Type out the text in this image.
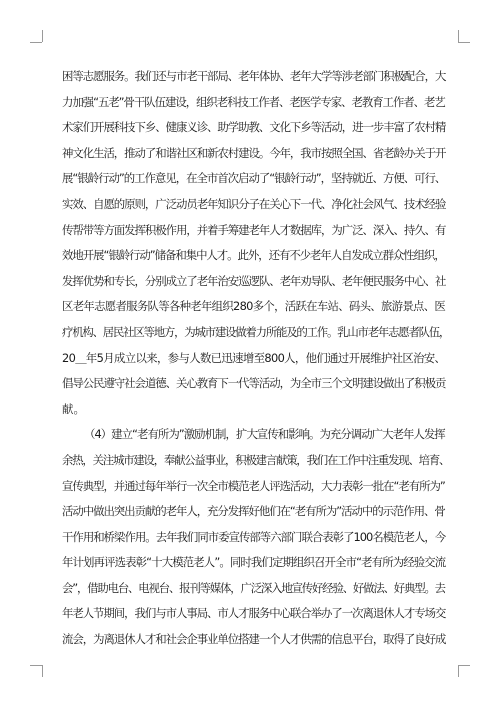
困等志愿服务。我们还与市老干部局、老年体协、老年大学等涉老部门积极配合，大
力加强“五老”骨干队伍建设，组织老科技工作者、老医学专家、老教育工作者、老艺
术家们开展科技下乡、健康义诊、助学助教、文化下乡等活动，进一步丰富了农村精
神文化生活，推动了和谐社区和新农村建设。今年，我市按照全国、省老龄办关于开
展“银龄行动”的工作意见，在全市首次启动了“银龄行动”，坚持就近、方便、可行、
实效、自愿的原则，广泛动员老年知识分子在关心下一代、净化社会风气、技术经验
传帮带等方面发挥积极作用，并着手筹建老年人才数据库，为广泛、深入、持久、有
效地开展“银龄行动”储备和集中人才。此外，还有不少老年人自发成立群众性组织，
发挥优势和专长，分别成立了老年治安巡逻队、老年劝导队、老年便民服务中心、社
区老年志愿者服务队等各种老年组织280多个，活跃在车站、码头、旅游景点、医
疗机构、居民社区等地方，为城市建设做着力所能及的工作。乳山市老年志愿者队伍，
20＿年5月成立以来，参与人数已迅速增至800人，他们通过开展维护社区治安、
倡导公民遵守社会道德、关心教育下一代等活动，为全市三个文明建设做出了积极贡
献。
（4）建立“老有所为”激励机制，扩大宣传和影响。为充分调动广大老年人发挥
余热，关注城市建设，奉献公益事业，积极建言献策，我们在工作中注重发现、培育、
宣传典型，并通过每年举行一次全市模范老人评选活动，大力表彰一批在“老有所为”
活动中做出突出贡献的老年人，充分发挥好他们在“老有所为”活动中的示范作用、骨
干作用和桥梁作用。去年我们同市委宣传部等六部门联合表彰了100名模范老人，今
年计划再评选表彰“十大模范老人”。同时我们定期组织召开全市“老有所为经验交流
会”，借助电台、电视台、报刊等媒体，广泛深入地宣传好经验、好做法、好典型。去
年老人节期间，我们与市人事局、市人才服务中心联合举办了一次离退休人才专场交
流会，为离退休人才和社会企事业单位搭建一个人才供需的信息平台，取得了良好成
